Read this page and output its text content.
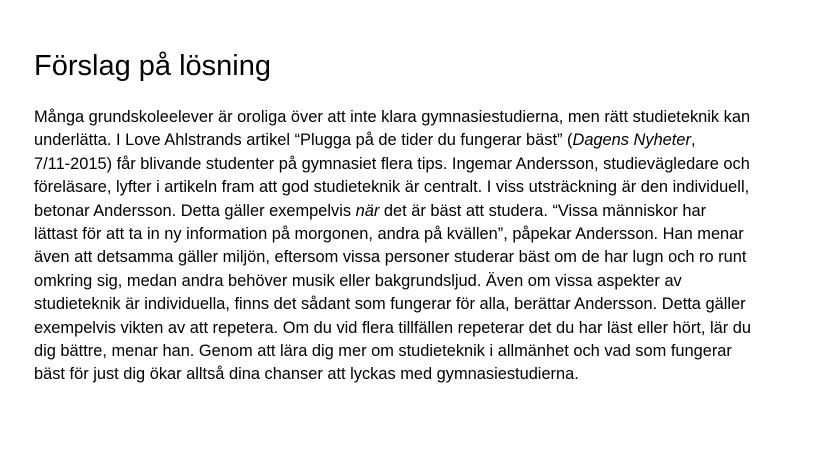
Förslag på lösning
Många grundskoleelever är oroliga över att inte klara gymnasiestudierna, men rätt studieteknik kan
underlätta. I Love Ahlstrands artikel “Plugga på de tider du fungerar bäst” (Dagens Nyheter,
7/11-2015) får blivande studenter på gymnasiet flera tips. Ingemar Andersson, studievägledare och
föreläsare, lyfter i artikeln fram att god studieteknik är centralt. I viss utsträckning är den individuell,
betonar Andersson. Detta gäller exempelvis när det är bäst att studera. “Vissa människor har
lättast för att ta in ny information på morgonen, andra på kvällen”, påpekar Andersson. Han menar
även att detsamma gäller miljön, eftersom vissa personer studerar bäst om de har lugn och ro runt
omkring sig, medan andra behöver musik eller bakgrundsljud. Även om vissa aspekter av
studieteknik är individuella, finns det sådant som fungerar för alla, berättar Andersson. Detta gäller
exempelvis vikten av att repetera. Om du vid flera tillfällen repeterar det du har läst eller hört, lär du
dig bättre, menar han. Genom att lära dig mer om studieteknik i allmänhet och vad som fungerar
bäst för just dig ökar alltså dina chanser att lyckas med gymnasiestudierna.
